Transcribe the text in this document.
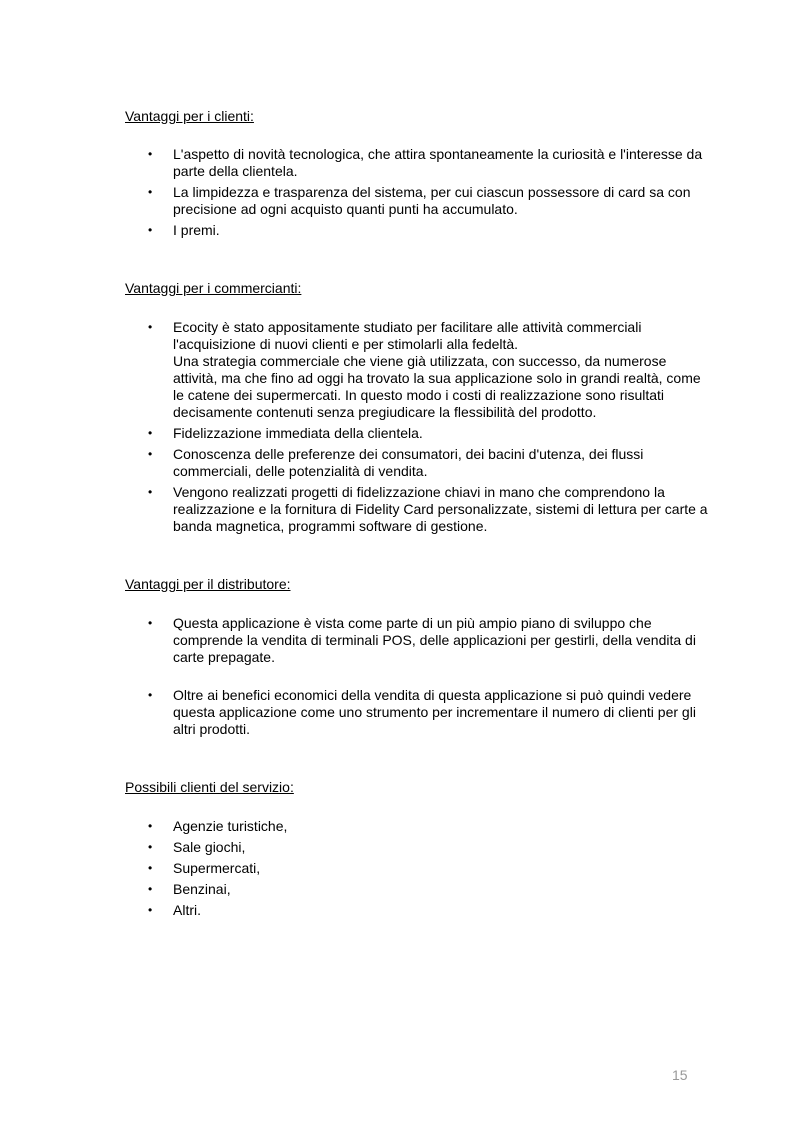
Vantaggi per i clienti:
• L'aspetto di novità tecnologica, che attira spontaneamente la curiosità e l'interesse da parte della clientela.
• La limpidezza e trasparenza del sistema, per cui ciascun possessore di card sa con precisione ad ogni acquisto quanti punti ha accumulato.
• I premi.
Vantaggi per i commercianti:
• Ecocity è stato appositamente studiato per facilitare alle attività commerciali l'acquisizione di nuovi clienti e per stimolarli alla fedeltà.
Una strategia commerciale che viene già utilizzata, con successo, da numerose attività, ma che fino ad oggi ha trovato la sua applicazione solo in grandi realtà, come le catene dei supermercati. In questo modo i costi di realizzazione sono risultati decisamente contenuti senza pregiudicare la flessibilità del prodotto.
• Fidelizzazione immediata della clientela.
• Conoscenza delle preferenze dei consumatori, dei bacini d'utenza, dei flussi commerciali, delle potenzialità di vendita.
• Vengono realizzati progetti di fidelizzazione chiavi in mano che comprendono la realizzazione e la fornitura di Fidelity Card personalizzate, sistemi di lettura per carte a banda magnetica, programmi software di gestione.
Vantaggi per il distributore:
• Questa applicazione è vista come parte di un più ampio piano di sviluppo che comprende la vendita di terminali POS, delle applicazioni per gestirli, della vendita di carte prepagate.
• Oltre ai benefici economici della vendita di questa applicazione si può quindi vedere questa applicazione come uno strumento per incrementare il numero di clienti per gli altri prodotti.
Possibili clienti del servizio:
• Agenzie turistiche,
• Sale giochi,
• Supermercati,
• Benzinai,
• Altri.
15
